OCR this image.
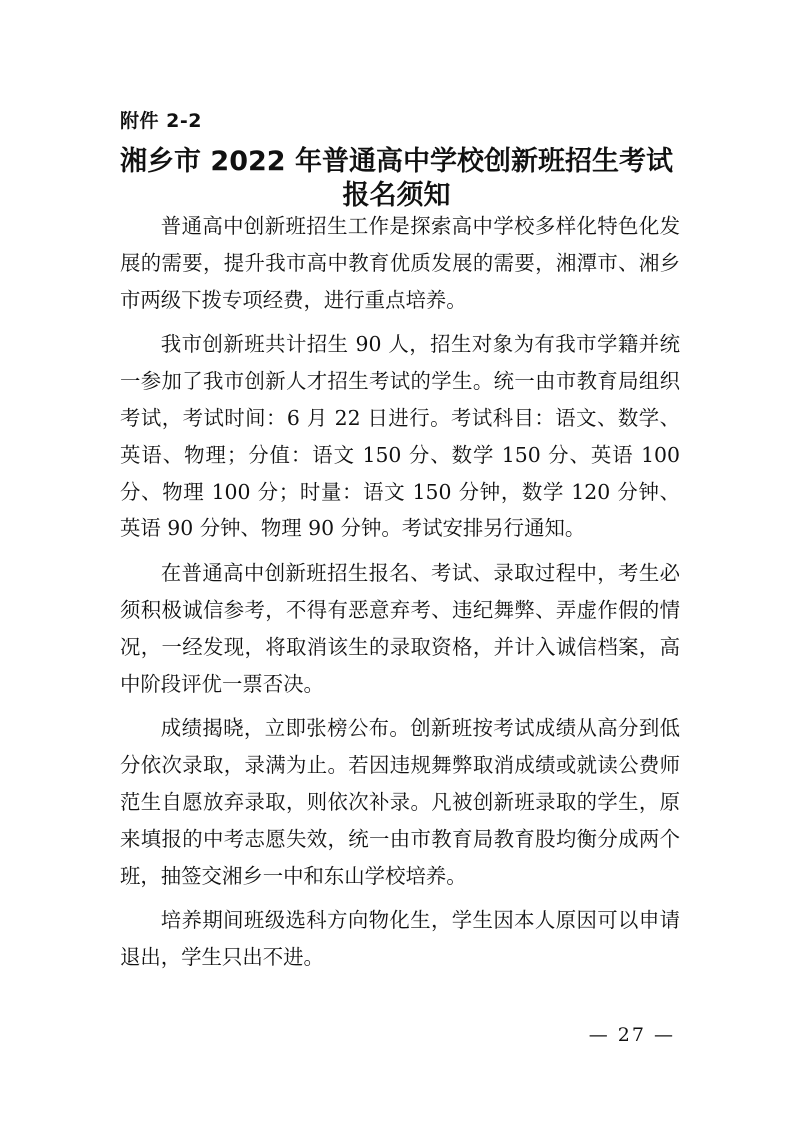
附件 2-2
湘乡市 2022 年普通高中学校创新班招生考试
报名须知

普通高中创新班招生工作是探索高中学校多样化特色化发展的需要，提升我市高中教育优质发展的需要，湘潭市、湘乡市两级下拨专项经费，进行重点培养。

我市创新班共计招生 90 人，招生对象为有我市学籍并统一参加了我市创新人才招生考试的学生。统一由市教育局组织考试，考试时间：6 月 22 日进行。考试科目：语文、数学、英语、物理；分值：语文 150 分、数学 150 分、英语 100 分、物理 100 分；时量：语文 150 分钟，数学 120 分钟、英语 90 分钟、物理 90 分钟。考试安排另行通知。

在普通高中创新班招生报名、考试、录取过程中，考生必须积极诚信参考，不得有恶意弃考、违纪舞弊、弄虚作假的情况，一经发现，将取消该生的录取资格，并计入诚信档案，高中阶段评优一票否决。

成绩揭晓，立即张榜公布。创新班按考试成绩从高分到低分依次录取，录满为止。若因违规舞弊取消成绩或就读公费师范生自愿放弃录取，则依次补录。凡被创新班录取的学生，原来填报的中考志愿失效，统一由市教育局教育股均衡分成两个班，抽签交湘乡一中和东山学校培养。

培养期间班级选科方向物化生，学生因本人原因可以申请退出，学生只出不进。

— 27 —
